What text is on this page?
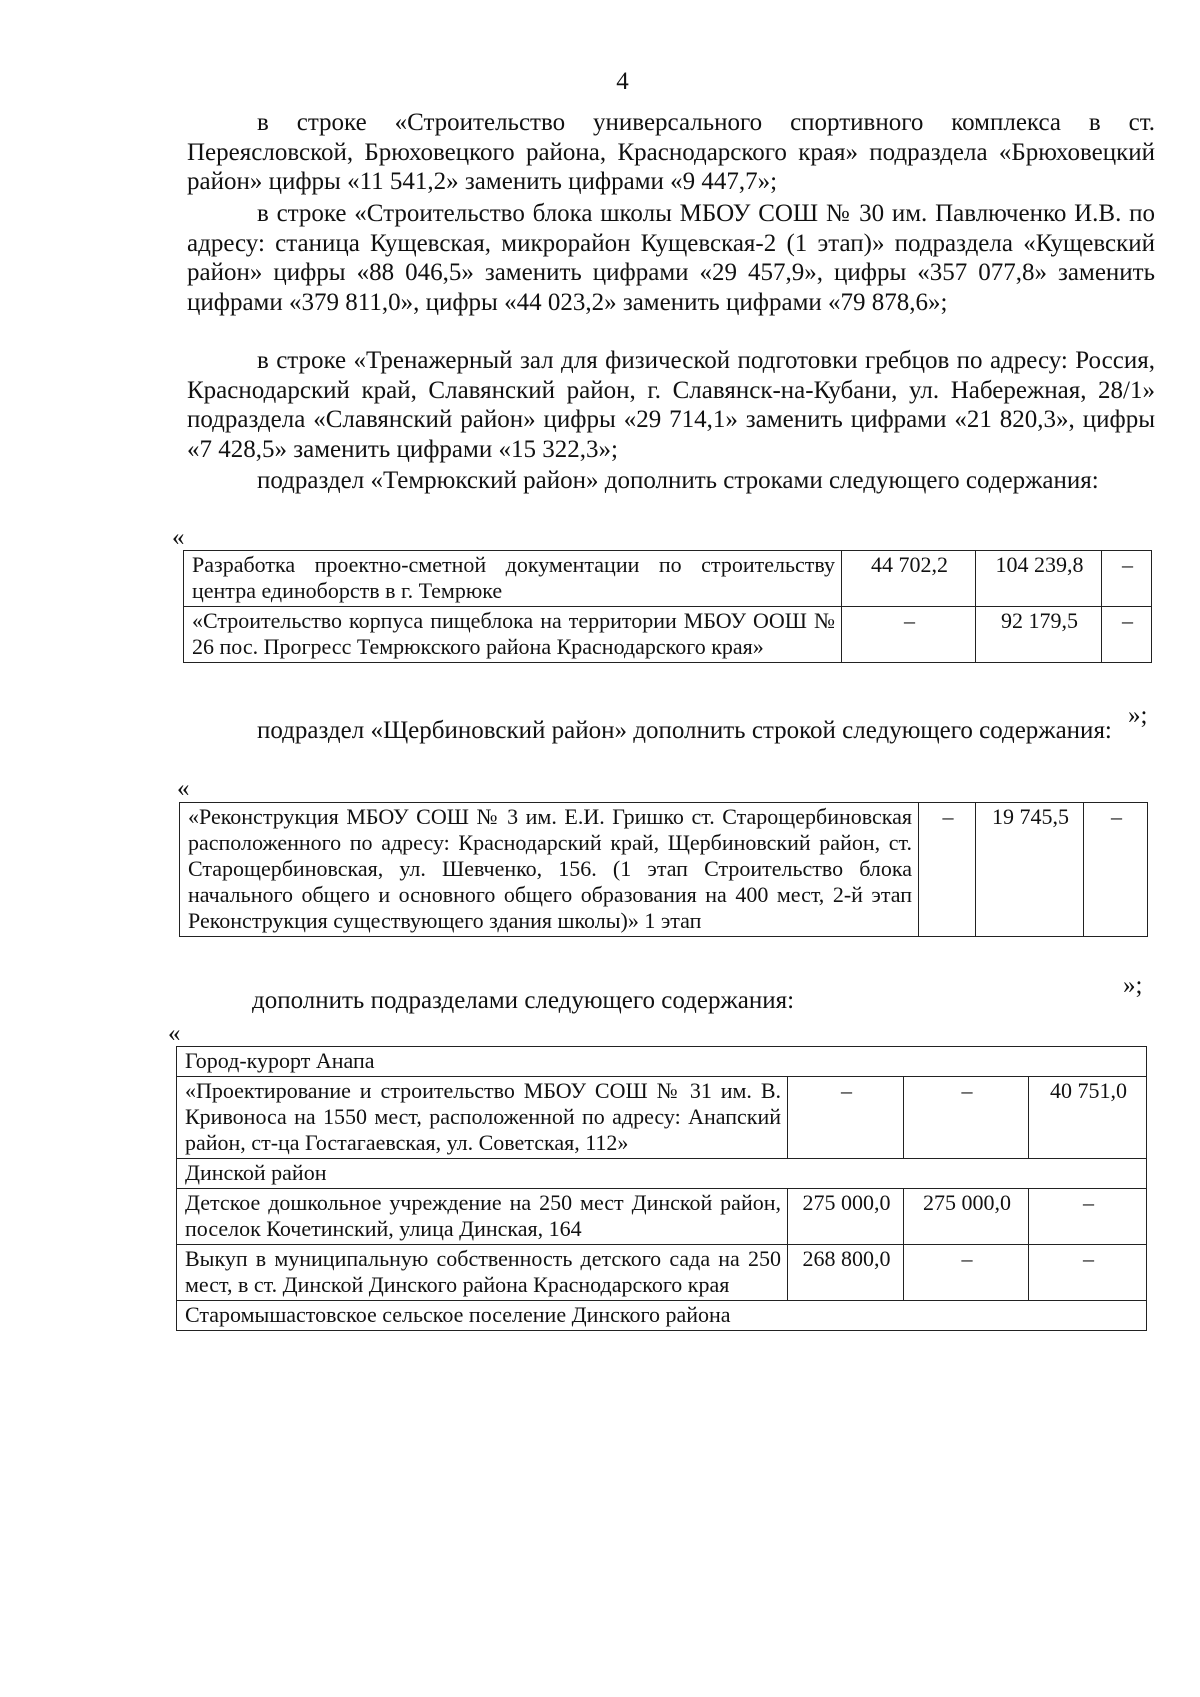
4
в строке «Строительство универсального спортивного комплекса в ст. Переясловской, Брюховецкого района, Краснодарского края» подраздела «Брюховецкий район» цифры «11 541,2» заменить цифрами «9 447,7»;
в строке «Строительство блока школы МБОУ СОШ № 30 им. Павлюченко И.В. по адресу: станица Кущевская, микрорайон Кущевская-2 (1 этап)» подраздела «Кущевский район» цифры «88 046,5» заменить цифрами «29 457,9», цифры «357 077,8» заменить цифрами «379 811,0», цифры «44 023,2» заменить цифрами «79 878,6»;
в строке «Тренажерный зал для физической подготовки гребцов по адресу: Россия, Краснодарский край, Славянский район, г. Славянск-на-Кубани, ул. Набережная, 28/1» подраздела «Славянский район» цифры «29 714,1» заменить цифрами «21 820,3», цифры «7 428,5» заменить цифрами «15 322,3»;
подраздел «Темрюкский район» дополнить строками следующего содержания:
«
Разработка проектно-сметной документации по строительству центра единоборств в г. Темрюке	44 702,2	104 239,8	–
«Строительство корпуса пищеблока на территории МБОУ ООШ № 26 пос. Прогресс Темрюкского района Краснодарского края»	–	92 179,5	–
»;
подраздел «Щербиновский район» дополнить строкой следующего содержания:
«
«Реконструкция МБОУ СОШ № 3 им. Е.И. Гришко ст. Старощербиновская расположенного по адресу: Краснодарский край, Щербиновский район, ст. Старощербиновская, ул. Шевченко, 156. (1 этап Строительство блока начального общего и основного общего образования на 400 мест, 2-й этап Реконструкция существующего здания школы)» 1 этап	–	19 745,5	–
»;
дополнить подразделами следующего содержания:
«
Город-курорт Анапа			
«Проектирование и строительство МБОУ СОШ № 31 им. В. Кривоноса на 1550 мест, расположенной по адресу: Анапский район, ст-ца Гостагаевская, ул. Советская, 112»	–	–	40 751,0
Динской район			
Детское дошкольное учреждение на 250 мест Динской район, поселок Кочетинский, улица Динская, 164	275 000,0	275 000,0	–
Выкуп в муниципальную собственность детского сада на 250 мест, в ст. Динской Динского района Краснодарского края	268 800,0	–	–
Старомышастовское сельское поселение Динского района			
